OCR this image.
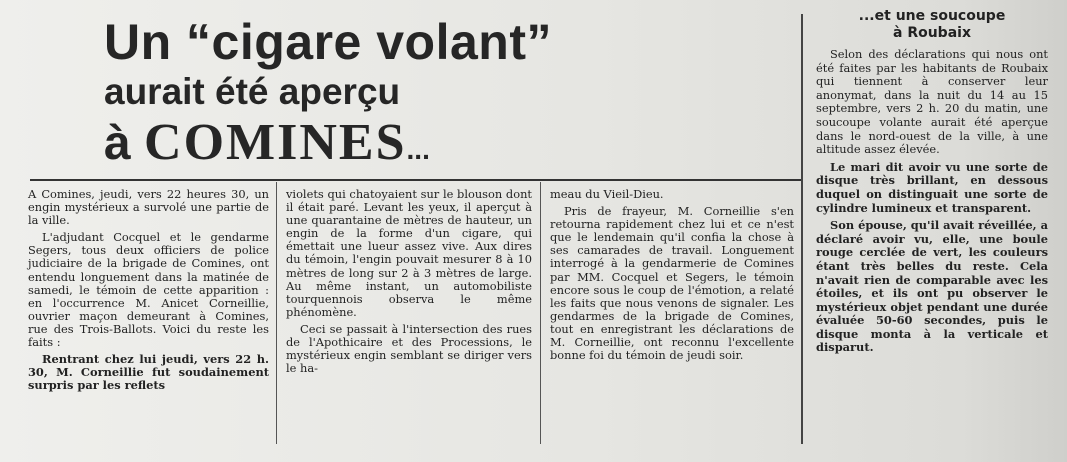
Un “cigare volant”
aurait été aperçu
à COMINES...

A Comines, jeudi, vers 22 heures 30, un engin mystérieux a survolé une partie de la ville.

L'adjudant Cocquel et le gendarme Segers, tous deux officiers de police judiciaire de la brigade de Comines, ont entendu longuement dans la matinée de samedi, le témoin de cette apparition : en l'occurrence M. Anicet Corneillie, ouvrier maçon demeurant à Comines, rue des Trois-Ballots. Voici du reste les faits :

Rentrant chez lui jeudi, vers 22 h. 30, M. Corneillie fut soudainement surpris par les reflets

violets qui chatoyaient sur le blouson dont il était paré. Levant les yeux, il aperçut à une quarantaine de mètres de hauteur, un engin de la forme d'un cigare, qui émettait une lueur assez vive. Aux dires du témoin, l'engin pouvait mesurer 8 à 10 mètres de long sur 2 à 3 mètres de large. Au même instant, un automobiliste tourquennois observa le même phénomène.

Ceci se passait à l'intersection des rues de l'Apothicaire et des Processions, le mystérieux engin semblant se diriger vers le ha-

meau du Vieil-Dieu.

Pris de frayeur, M. Corneillie s'en retourna rapidement chez lui et ce n'est que le lendemain qu'il confia la chose à ses camarades de travail. Longuement interrogé à la gendarmerie de Comines par MM. Cocquel et Segers, le témoin encore sous le coup de l'émotion, a relaté les faits que nous venons de signaler. Les gendarmes de la brigade de Comines, tout en enregistrant les déclarations de M. Corneillie, ont reconnu l'excellente bonne foi du témoin de jeudi soir.

...et une soucoupe
à Roubaix

Selon des déclarations qui nous ont été faites par les habitants de Roubaix qui tiennent à conserver leur anonymat, dans la nuit du 14 au 15 septembre, vers 2 h. 20 du matin, une soucoupe volante aurait été aperçue dans le nord-ouest de la ville, à une altitude assez élevée.

Le mari dit avoir vu une sorte de disque très brillant, en dessous duquel on distinguait une sorte de cylindre lumineux et transparent.

Son épouse, qu'il avait réveillée, a déclaré avoir vu, elle, une boule rouge cerclée de vert, les couleurs étant très belles du reste. Cela n'avait rien de comparable avec les étoiles, et ils ont pu observer le mystérieux objet pendant une durée évaluée 50-60 secondes, puis le disque monta à la verticale et disparut.
